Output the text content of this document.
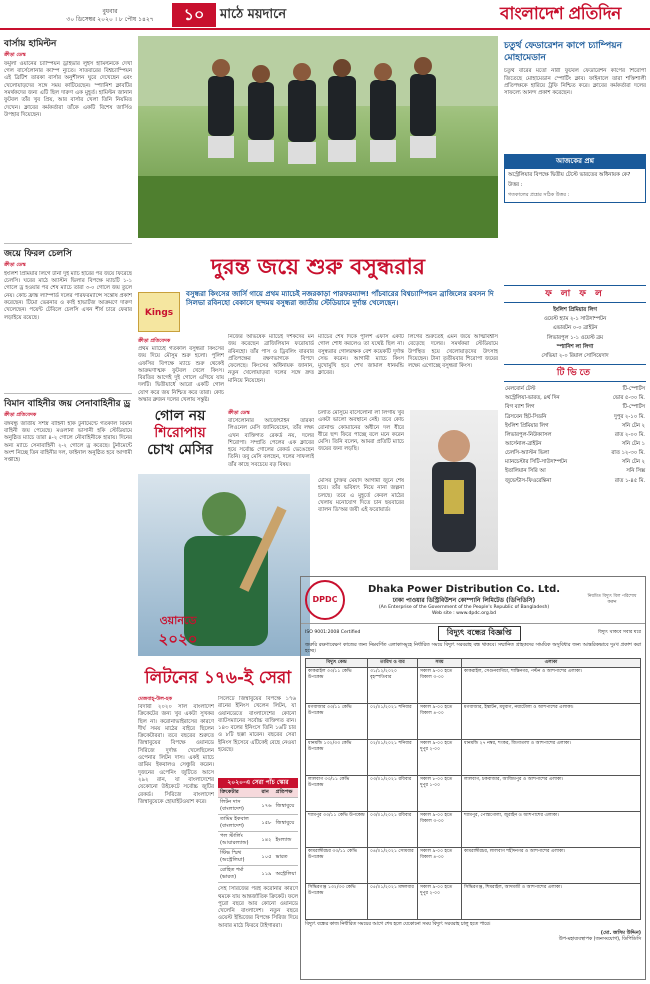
বুধবার
৩০ ডিসেম্বর ২০২০ । ৮ পৌষ ১৪২৭	১০	মাঠে ময়দানে	বাংলাদেশ প্রতিদিন
বার্সায় হামিল্টন
ক্রীড়া ডেস্ক
ফর্মুলা ওয়ানের চ্যাম্পিয়ন ড্রাইভার লুইস হামিল্টনকে দেখা গেল বার্সেলোনার ক্যাম্প ন্যুতে। সাতবারের বিশ্বচ্যাম্পিয়ন এই ব্রিটিশ তারকা বার্সার অনুশীলন ঘুরে দেখেছেন এবং খেলোয়াড়দের সঙ্গে সময় কাটিয়েছেন। স্প্যানিশ ক্লাবটির সমর্থকদের জন্য এটি ছিল দারুণ এক মুহূর্ত। হামিল্টন জানান ফুটবল তাঁর খুব প্রিয়, আর বার্সার খেলা তিনি নিয়মিত দেখেন। ক্লাবের কর্মকর্তারা তাঁকে একটি বিশেষ জার্সিও উপহার দিয়েছেন।
জয়ে ফিরল চেলসি
ক্রীড়া ডেস্ক
ইংলিশ প্রিমিয়ার লিগে টানা দুই ম্যাচ হারের পর জয়ে ফিরেছে চেলসি। ঘরের মাঠে অ্যাস্টন ভিলার বিপক্ষে ম্যাচটি ১-১ গোলে ড্র হওয়ার পর শেষ ম্যাচে তারা ৩-০ গোলে জয় তুলে নেয়। কোচ ফ্রাঙ্ক ল্যাম্পার্ড দলের পারফরম্যান্সে সন্তোষ প্রকাশ করেছেন। টিমো ভেরনার ও কাই হাভার্টজ আক্রমণে দারুণ খেলেছেন। পয়েন্ট টেবিলে চেলসি এখন শীর্ষ চারে ফেরার লড়াইয়ে রয়েছে।
বিমান বাহিনীর জয় সেনাবাহিনীর ড্র
ক্রীড়া প্রতিবেদক
বঙ্গবন্ধু জাতীয় সশস্ত্র বাহিনী হকি টুর্নামেন্টে গতকাল বিমান বাহিনী জয় পেয়েছে। মওলানা ভাসানী হকি স্টেডিয়ামে অনুষ্ঠিত ম্যাচে তারা ৪-২ গোলে নৌবাহিনীকে হারায়। দিনের অন্য ম্যাচে সেনাবাহিনী ২-২ গোলে ড্র করেছে। টুর্নামেন্টে অংশ নিচ্ছে তিন বাহিনীর দল, ফাইনাল অনুষ্ঠিত হবে আগামী সপ্তাহে।
চতুর্থ ফেডারেশন কাপে চ্যাম্পিয়ন মোহামেডান
চতুর্থ বারের মতো নারী ফুটবল ফেডারেশন কাপের শিরোপা জিতেছে মোহামেডান স্পোর্টিং ক্লাব। ফাইনালে তারা শক্তিশালী প্রতিপক্ষকে হারিয়ে ট্রফি নিশ্চিত করে। ক্লাবের কর্মকর্তারা দলের সাফল্যে আনন্দ প্রকাশ করেছেন।
আজকের প্রশ্ন
অস্ট্রেলিয়ার বিপক্ষে দ্বিতীয় টেস্টে ভারতের অধিনায়ক কে?
উত্তর :
গতকালের প্রশ্নের সঠিক উত্তর :
দুরন্ত জয়ে শুরু বসুন্ধরার
Kings
বসুন্ধরা কিংসের জার্সি গায়ে প্রথম ম্যাচেই নজরকাড়া পারফরম্যান্স! পাঁচবারের বিশ্বচ্যাম্পিয়ন ব্রাজিলের রবসন দি সিলভা রবিনহো বেকাসে ছন্দময় বসুন্ধরা জাতীয় স্টেডিয়ামে দুর্দান্ত খেলেছেন।
ক্রীড়া প্রতিবেদক
প্রথম ম্যাচেই গতকাল বসুন্ধরা কিংসের জয় দিয়ে মৌসুম শুরু হলো। পুলিশ এফসির বিপক্ষে ম্যাচে শুরু থেকেই আক্রমণাত্মক ফুটবল খেলে কিংস। বিরতির আগেই দুই গোলে এগিয়ে যায় দলটি। দ্বিতীয়ার্ধে আরো একটি গোল যোগ করে জয় নিশ্চিত করে তারা। কোচ অস্কার ব্রুজন দলের খেলায় সন্তুষ্ট।
নিজের অভিষেক ম্যাচেই দর্শকদের মন জয় করেছেন ব্রাজিলিয়ান ফরোয়ার্ড রবিনহো। তাঁর পাস ও ড্রিবলিং বারবার প্রতিপক্ষের রক্ষণভাগকে বিপদে ফেলেছে। কিংসের অধিনায়ক জানান, নতুন খেলোয়াড়রা দলের সঙ্গে দ্রুত মানিয়ে নিয়েছেন।
ম্যাচের শেষ দিকে পুলিশ এফসি একটি গোল শোধ করলেও তা যথেষ্ট ছিল না। বসুন্ধরার গোলরক্ষক বেশ কয়েকটি দুর্দান্ত সেভ করেন। আগামী ম্যাচে কিংস মুখোমুখি হবে শেখ জামাল ধানমন্ডি ক্লাবের।
লিগের শুরুতেই এমন জয়ে আত্মবিশ্বাস বেড়েছে দলের। সমর্থকরা স্টেডিয়ামে উপস্থিত হয়ে খেলোয়াড়দের উৎসাহ দিয়েছেন। টানা তৃতীয়বার শিরোপা জয়ের লক্ষ্যে এগোচ্ছে বসুন্ধরা কিংস।
ফ লা ফ ল
ইংলিশ প্রিমিয়ার লিগ
ওয়েস্ট হ্যাম ২-১ সাউদাম্পটন
এভারটন ০-০ ব্রাইটন
লিভারপুল ১-১ ওয়েস্ট ব্রম
স্প্যানিশ লা লিগা
সেভিয়া ২-০ রিয়াল সোসিয়েদাদ
টিভিতে
মেলবোর্ন টেস্ট	টি-স্পোর্টস
অস্ট্রেলিয়া-ভারত, ৪র্থ দিন	ভোর ৫-৩০ মি.
বিগ ব্যাশ লিগ	টি-স্পোর্টস
ব্রিসবেন হিট-সিডনি	দুপুর ২-১০ মি.
ইংলিশ প্রিমিয়ার লিগ	সনি টেন ২
লিভারপুল-নিউক্যাসল	রাত ২-০০ মি.
আর্সেনাল-ব্রাইটন	সনি টেন ১
চেলসি-অ্যাস্টন ভিলা	রাত ১২-৩০ মি.
ম্যানচেস্টার সিটি-সাউদাম্পটন	সনি টেন ২
ইতালিয়ান সিরি আ	সনি সিক্স
জুভেন্টাস-ফিওরেন্তিনা	রাত ১-৪৫ মি.
গোল নয়
শিরোপায়
চোখ মেসির
ক্রীড়া ডেস্ক
বার্সেলোনার আর্জেন্টাইন তারকা লিওনেল মেসি জানিয়েছেন, তাঁর লক্ষ্য এখন ব্যক্তিগত রেকর্ড নয়, দলের শিরোপা। সম্প্রতি পেলের এক ক্লাবের হয়ে সর্বোচ্চ গোলের রেকর্ড ভেঙেছেন তিনি। তবু মেসি বলছেন, দলের সাফল্যই তাঁর কাছে সবচেয়ে বড় বিষয়।
চলতি মৌসুমে বার্সেলোনা লা লিগায় খুব একটা ভালো অবস্থানে নেই। তবে কোচ রোনাল্ড কোম্যানের অধীনে দল ধীরে ধীরে ছন্দ ফিরে পাচ্ছে বলে মনে করেন মেসি। তিনি বলেন, আমরা প্রতিটি ম্যাচে জয়ের জন্য লড়ছি।
মেসির চুক্তির মেয়াদ আগামী জুনে শেষ হবে। তাঁর ভবিষ্যৎ নিয়ে নানা জল্পনা চলছে। তবে এ মুহূর্তে কেবল মাঠের খেলায় মনোযোগ দিতে চান ছয়বারের ব্যালন ডি'অর জয়ী এই ফরোয়ার্ড।
ওয়ানডে
২০২০
লিটনের ১৭৬-ই সেরা
মেজবাহ্-উল-হক
বিদায়ী ২০২০ সাল বাংলাদেশ ক্রিকেটের জন্য খুব একটা সুখকর ছিল না। করোনাভাইরাসের কারণে দীর্ঘ সময় মাঠের বাইরে ছিলেন ক্রিকেটাররা। তবে বছরের শুরুতে জিম্বাবুয়ের বিপক্ষে ওয়ানডে সিরিজে দুর্দান্ত খেলেছিলেন ওপেনার লিটন দাস। একই ম্যাচে তামিম ইকবালও সেঞ্চুরি করেন। দুজনের ওপেনিং জুটিতে আসে ২৯২ রান, যা বাংলাদেশের যেকোনো উইকেটে সর্বোচ্চ জুটির রেকর্ড। সিরিজে বাংলাদেশ জিম্বাবুয়েকে হোয়াইটওয়াশ করে।
সিলেটে জিম্বাবুয়ের বিপক্ষে ১৭৬ রানের ইনিংস খেলেন লিটন, যা ওয়ানডেতে বাংলাদেশের কোনো ব্যাটসম্যানের সর্বোচ্চ ব্যক্তিগত রান। ১৪৩ বলের ইনিংসে তিনি ১৬টি চার ও ৮টি ছক্কা মারেন। বছরের সেরা ইনিংস হিসেবে এটিকেই বেছে নেওয়া হয়েছে।
২০২০-এ সেরা পাঁচ স্কোর
ক্রিকেটার	রান	প্রতিপক্ষ
লিটন দাস (বাংলাদেশ)	১৭৬	জিম্বাবুয়ে
তামিম ইকবাল (বাংলাদেশ)	১৫৮	জিম্বাবুয়ে
পল স্টার্লিং (আয়ারল্যান্ড)	১৪২	ইংল্যান্ড
স্টিভ স্মিথ (অস্ট্রেলিয়া)	১০৫	ভারত
রোহিত শর্মা (ভারত)	১১৯	অস্ট্রেলিয়া
সেই সিরিজের পরই করোনার কারণে থমকে যায় আন্তর্জাতিক ক্রিকেট। ফলে পুরো বছরে আর কোনো ওয়ানডে খেলেনি বাংলাদেশ। নতুন বছরে ওয়েস্ট ইন্ডিজের বিপক্ষে সিরিজ দিয়ে আবার মাঠে ফিরবে টাইগাররা।
DPDC
Dhaka Power Distribution Co. Ltd.
ঢাকা পাওয়ার ডিস্ট্রিবিউশন কোম্পানি লিমিটেড (ডিপিডিসি)
(An Enterprise of the Government of the People's Republic of Bangladesh)
Web site : www.dpdc.org.bd
নিয়মিত বিদ্যুৎ বিল পরিশোধ করুন
ISO 9001:2008 Certified	বিদ্যুৎ বন্ধের বিজ্ঞপ্তি	বিদ্যুৎ থাকবে সবার ঘরে
জরুরি রক্ষণাবেক্ষণ কাজের জন্য নিম্নবর্ণিত এলাকাসমূহে নির্ধারিত সময়ে বিদ্যুৎ সরবরাহ বন্ধ থাকবে। সম্মানিত গ্রাহকদের সাময়িক অসুবিধার জন্য আন্তরিকভাবে দুঃখ প্রকাশ করা হচ্ছে।
বিদ্যুৎ কেন্দ্র	তারিখ ও বার	সময়	এলাকা
কাকরাইল ৩৩/১১ কেভি উপকেন্দ্র	৩১/১২/২০২০ বৃহস্পতিবার	সকাল ৯-০০ হতে বিকাল ৩-০০	কাকরাইল, সেগুনবাগিচা, শান্তিনগর, পল্টন ও আশপাশের এলাকা।
মগবাজার ৩৩/১১ কেভি উপকেন্দ্র	০২/০১/২০২১ শনিবার	সকাল ৯-০০ হতে বিকাল ৪-০০	মগবাজার, ইস্কাটন, মধুবাগ, নয়াটোলা ও আশপাশের এলাকা।
ধানমন্ডি ১৩২/৩৩ কেভি উপকেন্দ্র	০২/০১/২০২১ শনিবার	সকাল ৯-০০ হতে দুপুর ২-০০	ধানমন্ডি ২৭ নম্বর, শংকর, জিগাতলা ও আশপাশের এলাকা।
লালবাগ ৩৩/১১ কেভি উপকেন্দ্র	০৩/০১/২০২১ রবিবার	সকাল ৮-০০ হতে দুপুর ১-০০	লালবাগ, চকবাজার, আজিমপুর ও আশপাশের এলাকা।
শ্যামপুর ৩৩/১১ কেভি উপকেন্দ্র	০৩/০১/২০২১ রবিবার	সকাল ৯-০০ হতে বিকাল ৩-০০	শ্যামপুর, পোস্তগোলা, জুরাইন ও আশপাশের এলাকা।
কামরাঙ্গীরচর ৩৩/১১ কেভি উপকেন্দ্র	০৪/০১/২০২১ সোমবার	সকাল ৯-০০ হতে বিকাল ৪-০০	কামরাঙ্গীরচর, লালবাগ শহীদনগর ও আশপাশের এলাকা।
সিদ্ধিরগঞ্জ ১৩২/৩৩ কেভি উপকেন্দ্র	০৫/০১/২০২১ মঙ্গলবার	সকাল ৯-০০ হতে দুপুর ২-০০	সিদ্ধিরগঞ্জ, শিমরাইল, আদমজী ও আশপাশের এলাকা।
বিদ্যুৎ বন্ধের কাজ নির্ধারিত সময়ের আগে শেষ হলে যেকোনো সময় বিদ্যুৎ সরবরাহ চালু হতে পারে।
(মো. জসিম উদ্দিন)
উপ-মহাব্যবস্থাপক (জনসংযোগ), ডিপিডিসি
